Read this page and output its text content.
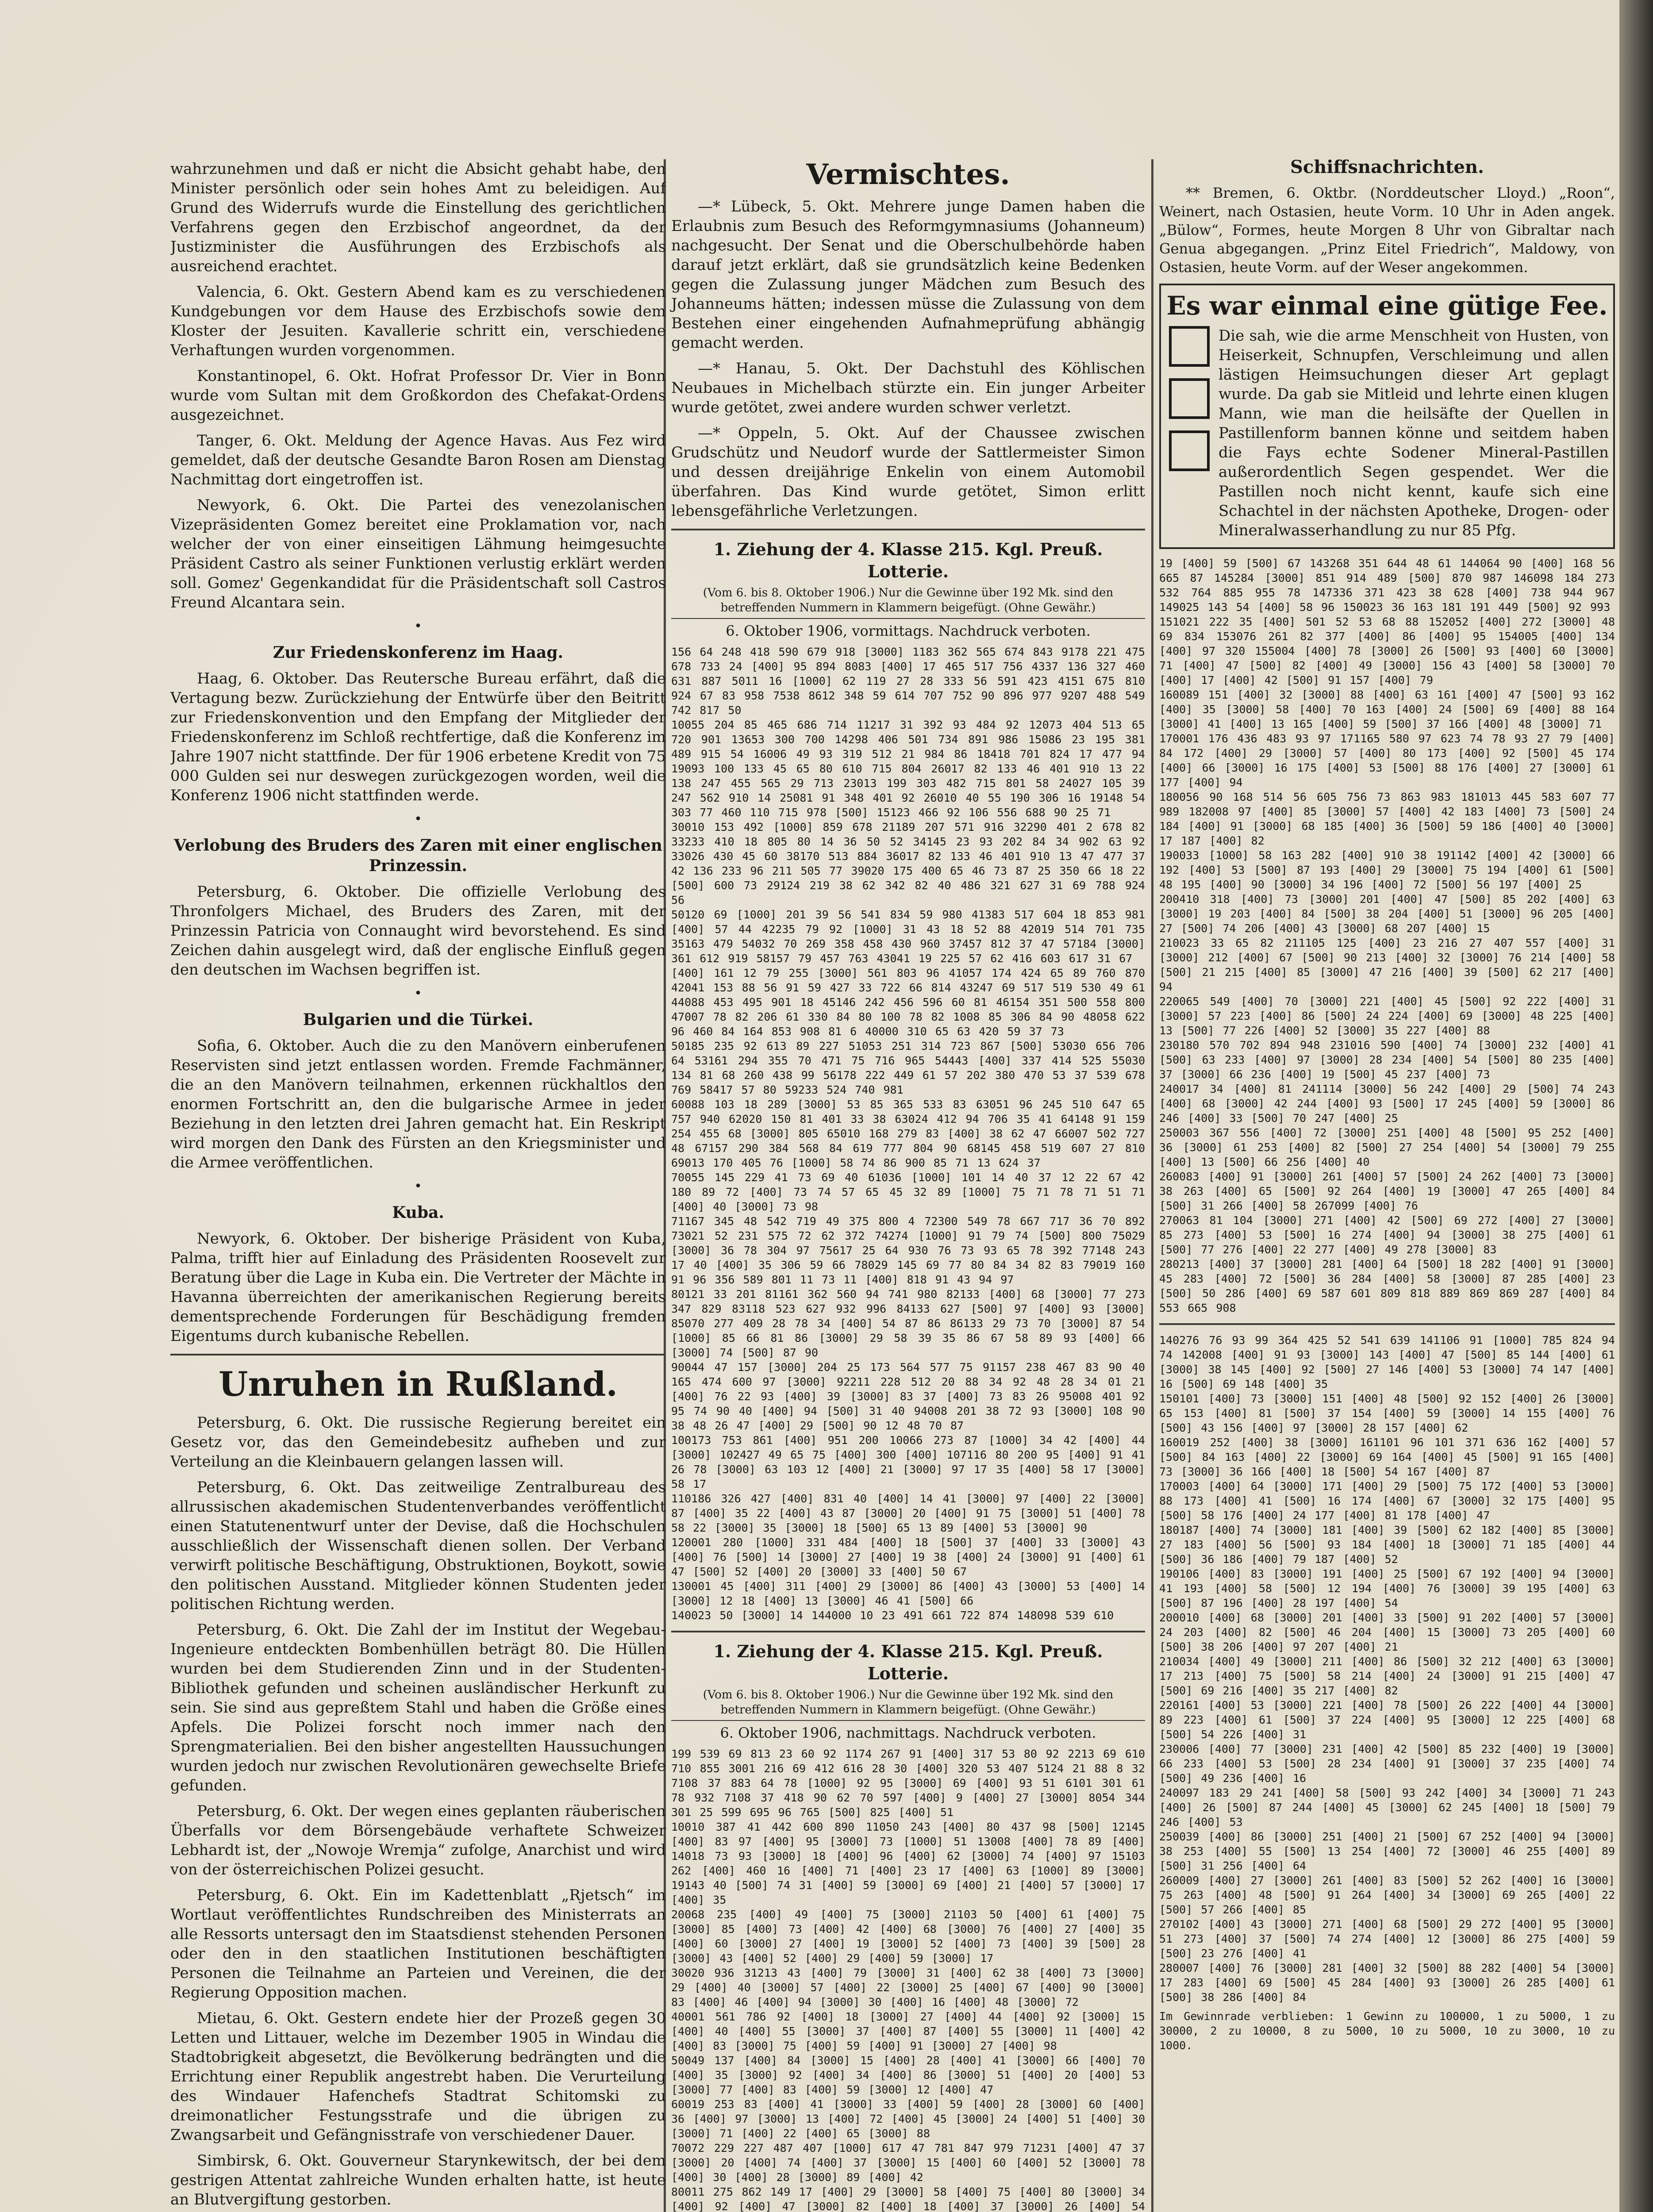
wahrzunehmen und daß er nicht die Absicht gehabt habe, den Minister persönlich oder sein hohes Amt zu beleidigen. Auf Grund des Widerrufs wurde die Einstellung des gerichtlichen Verfahrens gegen den Erzbischof angeordnet, da der Justizminister die Ausführungen des Erzbischofs als ausreichend erachtet.

Valencia, 6. Okt. Gestern Abend kam es zu verschiedenen Kundgebungen vor dem Hause des Erzbischofs sowie dem Kloster der Jesuiten. Kavallerie schritt ein, verschiedene Verhaftungen wurden vorgenommen.

Konstantinopel, 6. Okt. Hofrat Professor Dr. Vier in Bonn wurde vom Sultan mit dem Großkordon des Chefakat-Ordens ausgezeichnet.

Tanger, 6. Okt. Meldung der Agence Havas. Aus Fez wird gemeldet, daß der deutsche Gesandte Baron Rosen am Dienstag Nachmittag dort eingetroffen ist.

Newyork, 6. Okt. Die Partei des venezolanischen Vizepräsidenten Gomez bereitet eine Proklamation vor, nach welcher der von einer einseitigen Lähmung heimgesuchte Präsident Castro als seiner Funktionen verlustig erklärt werden soll. Gomez' Gegenkandidat für die Präsidentschaft soll Castros Freund Alcantara sein.

•
Zur Friedenskonferenz im Haag.

Haag, 6. Oktober. Das Reutersche Bureau erfährt, daß die Vertagung bezw. Zurückziehung der Entwürfe über den Beitritt zur Friedenskonvention und den Empfang der Mitglieder der Friedenskonferenz im Schloß rechtfertige, daß die Konferenz im Jahre 1907 nicht stattfinde. Der für 1906 erbetene Kredit von 75 000 Gulden sei nur deswegen zurückgezogen worden, weil die Konferenz 1906 nicht stattfinden werde.

•
Verlobung des Bruders des Zaren mit einer englischen Prinzessin.

Petersburg, 6. Oktober. Die offizielle Verlobung des Thronfolgers Michael, des Bruders des Zaren, mit der Prinzessin Patricia von Connaught wird bevorstehend. Es sind Zeichen dahin ausgelegt wird, daß der englische Einfluß gegen den deutschen im Wachsen begriffen ist.

•
Bulgarien und die Türkei.

Sofia, 6. Oktober. Auch die zu den Manövern einberufenen Reservisten sind jetzt entlassen worden. Fremde Fachmänner, die an den Manövern teilnahmen, erkennen rückhaltlos den enormen Fortschritt an, den die bulgarische Armee in jeder Beziehung in den letzten drei Jahren gemacht hat. Ein Reskript wird morgen den Dank des Fürsten an den Kriegsminister und die Armee veröffentlichen.

•
Kuba.

Newyork, 6. Oktober. Der bisherige Präsident von Kuba, Palma, trifft hier auf Einladung des Präsidenten Roosevelt zur Beratung über die Lage in Kuba ein. Die Vertreter der Mächte in Havanna überreichten der amerikanischen Regierung bereits dementsprechende Forderungen für Beschädigung fremden Eigentums durch kubanische Rebellen.

Unruhen in Rußland.

Petersburg, 6. Okt. Die russische Regierung bereitet ein Gesetz vor, das den Gemeindebesitz aufheben und zur Verteilung an die Kleinbauern gelangen lassen will.

Petersburg, 6. Okt. Das zeitweilige Zentralbureau des allrussischen akademischen Studentenverbandes veröffentlicht einen Statutenentwurf unter der Devise, daß die Hochschulen ausschließlich der Wissenschaft dienen sollen. Der Verband verwirft politische Beschäftigung, Obstruktionen, Boykott, sowie den politischen Ausstand. Mitglieder können Studenten jeder politischen Richtung werden.

Petersburg, 6. Okt. Die Zahl der im Institut der Wegebau-Ingenieure entdeckten Bombenhüllen beträgt 80. Die Hüllen wurden bei dem Studierenden Zinn und in der Studenten-Bibliothek gefunden und scheinen ausländischer Herkunft zu sein. Sie sind aus gepreßtem Stahl und haben die Größe eines Apfels. Die Polizei forscht noch immer nach den Sprengmaterialien. Bei den bisher angestellten Haussuchungen wurden jedoch nur zwischen Revolutionären gewechselte Briefe gefunden.

Petersburg, 6. Okt. Der wegen eines geplanten räuberischen Überfalls vor dem Börsengebäude verhaftete Schweizer Lebhardt ist, der „Nowoje Wremja“ zufolge, Anarchist und wird von der österreichischen Polizei gesucht.

Petersburg, 6. Okt. Ein im Kadettenblatt „Rjetsch“ im Wortlaut veröffentlichtes Rundschreiben des Ministerrats an alle Ressorts untersagt den im Staatsdienst stehenden Personen oder den in den staatlichen Institutionen beschäftigten Personen die Teilnahme an Parteien und Vereinen, die der Regierung Opposition machen.

Mietau, 6. Okt. Gestern endete hier der Prozeß gegen 30 Letten und Littauer, welche im Dezember 1905 in Windau die Stadtobrigkeit abgesetzt, die Bevölkerung bedrängten und die Errichtung einer Republik angestrebt haben. Die Verurteilung des Windauer Hafenchefs Stadtrat Schitomski zu dreimonatlicher Festungsstrafe und die übrigen zu Zwangsarbeit und Gefängnisstrafe von verschiedener Dauer.

Simbirsk, 6. Okt. Gouverneur Starynkewitsch, der bei dem gestrigen Attentat zahlreiche Wunden erhalten hatte, ist heute an Blutvergiftung gestorben.

Vermischtes.

—* Lübeck, 5. Okt. Mehrere junge Damen haben die Erlaubnis zum Besuch des Reformgymnasiums (Johanneum) nachgesucht. Der Senat und die Oberschulbehörde haben darauf jetzt erklärt, daß sie grundsätzlich keine Bedenken gegen die Zulassung junger Mädchen zum Besuch des Johanneums hätten; indessen müsse die Zulassung von dem Bestehen einer eingehenden Aufnahmeprüfung abhängig gemacht werden.

—* Hanau, 5. Okt. Der Dachstuhl des Köhlischen Neubaues in Michelbach stürzte ein. Ein junger Arbeiter wurde getötet, zwei andere wurden schwer verletzt.

—* Oppeln, 5. Okt. Auf der Chaussee zwischen Grudschütz und Neudorf wurde der Sattlermeister Simon und dessen dreijährige Enkelin von einem Automobil überfahren. Das Kind wurde getötet, Simon erlitt lebensgefährliche Verletzungen.

1. Ziehung der 4. Klasse 215. Kgl. Preuß. Lotterie.
(Vom 6. bis 8. Oktober 1906.) Nur die Gewinne über 192 Mk. sind den betreffenden Nummern in Klammern beigefügt. (Ohne Gewähr.)
6. Oktober 1906, vormittags. Nachdruck verboten.
156 64 248 418 590 679 918 [3000] 1183 362 565 674 843 9178 221 475 678 733 24 [400] 95 894 8083 [400] 17 465 517 756 4337 136 327 460 631 887 5011 16 [1000] 62 119 27 28 333 56 591 423 4151 675 810 924 67 83 958 7538 8612 348 59 614 707 752 90 896 977 9207 488 549 742 817 50
10055 204 85 465 686 714 11217 31 392 93 484 92 12073 404 513 65 720 901 13653 300 700 14298 406 501 734 891 986 15086 23 195 381 489 915 54 16006 49 93 319 512 21 984 86 18418 701 824 17 477 94 19093 100 133 45 65 80 610 715 804 26017 82 133 46 401 910 13 22 138 247 455 565 29 713 23013 199 303 482 715 801 58 24027 105 39 247 562 910 14 25081 91 348 401 92 26010 40 55 190 306 16 19148 54 303 77 460 110 715 978 [500] 15123 466 92 106 556 688 90 25 71
30010 153 492 [1000] 859 678 21189 207 571 916 32290 401 2 678 82 33233 410 18 805 80 14 36 50 52 34145 23 93 202 84 34 902 63 92 33026 430 45 60 38170 513 884 36017 82 133 46 401 910 13 47 477 37 42 136 233 96 211 505 77 39020 175 400 65 46 73 87 25 350 66 18 22 [500] 600 73 29124 219 38 62 342 82 40 486 321 627 31 69 788 924 56
50120 69 [1000] 201 39 56 541 834 59 980 41383 517 604 18 853 981 [400] 57 44 42235 79 92 [1000] 31 43 18 52 88 42019 514 701 735 35163 479 54032 70 269 358 458 430 960 37457 812 37 47 57184 [3000] 361 612 919 58157 79 457 763 43041 19 225 57 62 416 603 617 31 67
[400] 161 12 79 255 [3000] 561 803 96 41057 174 424 65 89 760 870 42041 153 88 56 91 59 427 33 722 66 814 43247 69 517 519 530 49 61 44088 453 495 901 18 45146 242 456 596 60 81 46154 351 500 558 800 47007 78 82 206 61 330 84 80 100 78 82 1008 85 306 84 90 48058 622 96 460 84 164 853 908 81 6 40000 310 65 63 420 59 37 73
50185 235 92 613 89 227 51053 251 314 723 867 [500] 53030 656 706 64 53161 294 355 70 471 75 716 965 54443 [400] 337 414 525 55030 134 81 68 260 438 99 56178 222 449 61 57 202 380 470 53 37 539 678 769 58417 57 80 59233 524 740 981
60088 103 18 289 [3000] 53 85 365 533 83 63051 96 245 510 647 65 757 940 62020 150 81 401 33 38 63024 412 94 706 35 41 64148 91 159 254 455 68 [3000] 805 65010 168 279 83 [400] 38 62 47 66007 502 727 48 67157 290 384 568 84 619 777 804 90 68145 458 519 607 27 810 69013 170 405 76 [1000] 58 74 86 900 85 71 13 624 37
70055 145 229 41 73 69 40 61036 [1000] 101 14 40 37 12 22 67 42 180 89 72 [400] 73 74 57 65 45 32 89 [1000] 75 71 78 71 51 71 [400] 40 [3000] 73 98
71167 345 48 542 719 49 375 800 4 72300 549 78 667 717 36 70 892 73021 52 231 575 72 62 372 74274 [1000] 91 79 74 [500] 800 75029 [3000] 36 78 304 97 75617 25 64 930 76 73 93 65 78 392 77148 243 17 40 [400] 35 306 59 66 78029 145 69 77 80 84 34 82 83 79019 160 91 96 356 589 801 11 73 11 [400] 818 91 43 94 97
80121 33 201 81161 362 560 94 741 980 82133 [400] 68 [3000] 77 273 347 829 83118 523 627 932 996 84133 627 [500] 97 [400] 93 [3000] 85070 277 409 28 78 34 [400] 54 87 86 86133 29 73 70 [3000] 87 54 [1000] 85 66 81 86 [3000] 29 58 39 35 86 67 58 89 93 [400] 66 [3000] 74 [500] 87 90
90044 47 157 [3000] 204 25 173 564 577 75 91157 238 467 83 90 40 165 474 600 97 [3000] 92211 228 512 20 88 34 92 48 28 34 01 21 [400] 76 22 93 [400] 39 [3000] 83 37 [400] 73 83 26 95008 401 92 95 74 90 40 [400] 94 [500] 31 40 94008 201 38 72 93 [3000] 108 90 38 48 26 47 [400] 29 [500] 90 12 48 70 87
100173 753 861 [400] 951 200 10066 273 87 [1000] 34 42 [400] 44 [3000] 102427 49 65 75 [400] 300 [400] 107116 80 200 95 [400] 91 41 26 78 [3000] 63 103 12 [400] 21 [3000] 97 17 35 [400] 58 17 [3000] 58 17
110186 326 427 [400] 831 40 [400] 14 41 [3000] 97 [400] 22 [3000] 87 [400] 35 22 [400] 43 87 [3000] 20 [400] 91 75 [3000] 51 [400] 78 58 22 [3000] 35 [3000] 18 [500] 65 13 89 [400] 53 [3000] 90
120001 280 [1000] 331 484 [400] 18 [500] 37 [400] 33 [3000] 43 [400] 76 [500] 14 [3000] 27 [400] 19 38 [400] 24 [3000] 91 [400] 61 47 [500] 52 [400] 20 [3000] 33 [400] 50 67
130001 45 [400] 311 [400] 29 [3000] 86 [400] 43 [3000] 53 [400] 14 [3000] 12 18 [400] 13 [3000] 46 41 [500] 66
140023 50 [3000] 14 144000 10 23 491 661 722 874 148098 539 610
1. Ziehung der 4. Klasse 215. Kgl. Preuß. Lotterie.
(Vom 6. bis 8. Oktober 1906.) Nur die Gewinne über 192 Mk. sind den betreffenden Nummern in Klammern beigefügt. (Ohne Gewähr.)
6. Oktober 1906, nachmittags. Nachdruck verboten.
199 539 69 813 23 60 92 1174 267 91 [400] 317 53 80 92 2213 69 610 710 855 3001 216 69 412 616 28 30 [400] 320 53 407 5124 21 88 8 32 7108 37 883 64 78 [1000] 92 95 [3000] 69 [400] 93 51 6101 301 61 78 932 7108 37 418 90 62 70 597 [400] 9 [400] 27 [3000] 8054 344 301 25 599 695 96 765 [500] 825 [400] 51
10010 387 41 442 600 890 11050 243 [400] 80 437 98 [500] 12145 [400] 83 97 [400] 95 [3000] 73 [1000] 51 13008 [400] 78 89 [400] 14018 73 93 [3000] 18 [400] 96 [400] 62 [3000] 74 [400] 97 15103 262 [400] 460 16 [400] 71 [400] 23 17 [400] 63 [1000] 89 [3000] 19143 40 [500] 74 31 [400] 59 [3000] 69 [400] 21 [400] 57 [3000] 17 [400] 35
20068 235 [400] 49 [400] 75 [3000] 21103 50 [400] 61 [400] 75 [3000] 85 [400] 73 [400] 42 [400] 68 [3000] 76 [400] 27 [400] 35 [400] 60 [3000] 27 [400] 19 [3000] 52 [400] 73 [400] 39 [500] 28 [3000] 43 [400] 52 [400] 29 [400] 59 [3000] 17
30020 936 31213 43 [400] 79 [3000] 31 [400] 62 38 [400] 73 [3000] 29 [400] 40 [3000] 57 [400] 22 [3000] 25 [400] 67 [400] 90 [3000] 83 [400] 46 [400] 94 [3000] 30 [400] 16 [400] 48 [3000] 72
40001 561 786 92 [400] 18 [3000] 27 [400] 44 [400] 92 [3000] 15 [400] 40 [400] 55 [3000] 37 [400] 87 [400] 55 [3000] 11 [400] 42 [400] 83 [3000] 75 [400] 59 [400] 91 [3000] 27 [400] 98
50049 137 [400] 84 [3000] 15 [400] 28 [400] 41 [3000] 66 [400] 70 [400] 35 [3000] 92 [400] 34 [400] 86 [3000] 51 [400] 20 [400] 53 [3000] 77 [400] 83 [400] 59 [3000] 12 [400] 47
60019 253 83 [400] 41 [3000] 33 [400] 59 [400] 28 [3000] 60 [400] 36 [400] 97 [3000] 13 [400] 72 [400] 45 [3000] 24 [400] 51 [400] 30 [3000] 71 [400] 22 [400] 65 [3000] 88
70072 229 227 487 407 [1000] 617 47 781 847 979 71231 [400] 47 37 [3000] 20 [400] 74 [400] 37 [3000] 15 [400] 60 [400] 52 [3000] 78 [400] 30 [400] 28 [3000] 89 [400] 42
80011 275 862 149 17 [400] 29 [3000] 58 [400] 75 [400] 80 [3000] 34 [400] 92 [400] 47 [3000] 82 [400] 18 [400] 37 [3000] 26 [400] 54
Schiffsnachrichten.

** Bremen, 6. Oktbr. (Norddeutscher Lloyd.) „Roon“, Weinert, nach Ostasien, heute Vorm. 10 Uhr in Aden angek. „Bülow“, Formes, heute Morgen 8 Uhr von Gibraltar nach Genua abgegangen. „Prinz Eitel Friedrich“, Maldowy, von Ostasien, heute Vorm. auf der Weser angekommen.

Es war einmal eine gütige Fee.
Die sah, wie die arme Menschheit von Husten, von Heiserkeit, Schnupfen, Verschleimung und allen lästigen Heimsuchungen dieser Art geplagt wurde. Da gab sie Mitleid und lehrte einen klugen Mann, wie man die heilsäfte der Quellen in Pastillenform bannen könne und seitdem haben die Fays echte Sodener Mineral-Pastillen außerordentlich Segen gespendet. Wer die Pastillen noch nicht kennt, kaufe sich eine Schachtel in der nächsten Apotheke, Drogen- oder Mineralwasserhandlung zu nur 85 Pfg.
19 [400] 59 [500] 67 143268 351 644 48 61 144064 90 [400] 168 56 665 87 145284 [3000] 851 914 489 [500] 870 987 146098 184 273 532 764 885 955 78 147336 371 423 38 628 [400] 738 944 967 149025 143 54 [400] 58 96 150023 36 163 181 191 449 [500] 92 993
151021 222 35 [400] 501 52 53 68 88 152052 [400] 272 [3000] 48 69 834 153076 261 82 377 [400] 86 [400] 95 154005 [400] 134 [400] 97 320 155004 [400] 78 [3000] 26 [500] 93 [400] 60 [3000] 71 [400] 47 [500] 82 [400] 49 [3000] 156 43 [400] 58 [3000] 70 [400] 17 [400] 42 [500] 91 157 [400] 79
160089 151 [400] 32 [3000] 88 [400] 63 161 [400] 47 [500] 93 162 [400] 35 [3000] 58 [400] 70 163 [400] 24 [500] 69 [400] 88 164 [3000] 41 [400] 13 165 [400] 59 [500] 37 166 [400] 48 [3000] 71
170001 176 436 483 93 97 171165 580 97 623 74 78 93 27 79 [400] 84 172 [400] 29 [3000] 57 [400] 80 173 [400] 92 [500] 45 174 [400] 66 [3000] 16 175 [400] 53 [500] 88 176 [400] 27 [3000] 61 177 [400] 94
180056 90 168 514 56 605 756 73 863 983 181013 445 583 607 77 989 182008 97 [400] 85 [3000] 57 [400] 42 183 [400] 73 [500] 24 184 [400] 91 [3000] 68 185 [400] 36 [500] 59 186 [400] 40 [3000] 17 187 [400] 82
190033 [1000] 58 163 282 [400] 910 38 191142 [400] 42 [3000] 66 192 [400] 53 [500] 87 193 [400] 29 [3000] 75 194 [400] 61 [500] 48 195 [400] 90 [3000] 34 196 [400] 72 [500] 56 197 [400] 25
200410 318 [400] 73 [3000] 201 [400] 47 [500] 85 202 [400] 63 [3000] 19 203 [400] 84 [500] 38 204 [400] 51 [3000] 96 205 [400] 27 [500] 74 206 [400] 43 [3000] 68 207 [400] 15
210023 33 65 82 211105 125 [400] 23 216 27 407 557 [400] 31 [3000] 212 [400] 67 [500] 90 213 [400] 32 [3000] 76 214 [400] 58 [500] 21 215 [400] 85 [3000] 47 216 [400] 39 [500] 62 217 [400] 94
220065 549 [400] 70 [3000] 221 [400] 45 [500] 92 222 [400] 31 [3000] 57 223 [400] 86 [500] 24 224 [400] 69 [3000] 48 225 [400] 13 [500] 77 226 [400] 52 [3000] 35 227 [400] 88
230180 570 702 894 948 231016 590 [400] 74 [3000] 232 [400] 41 [500] 63 233 [400] 97 [3000] 28 234 [400] 54 [500] 80 235 [400] 37 [3000] 66 236 [400] 19 [500] 45 237 [400] 73
240017 34 [400] 81 241114 [3000] 56 242 [400] 29 [500] 74 243 [400] 68 [3000] 42 244 [400] 93 [500] 17 245 [400] 59 [3000] 86 246 [400] 33 [500] 70 247 [400] 25
250003 367 556 [400] 72 [3000] 251 [400] 48 [500] 95 252 [400] 36 [3000] 61 253 [400] 82 [500] 27 254 [400] 54 [3000] 79 255 [400] 13 [500] 66 256 [400] 40
260083 [400] 91 [3000] 261 [400] 57 [500] 24 262 [400] 73 [3000] 38 263 [400] 65 [500] 92 264 [400] 19 [3000] 47 265 [400] 84 [500] 31 266 [400] 58 267099 [400] 76
270063 81 104 [3000] 271 [400] 42 [500] 69 272 [400] 27 [3000] 85 273 [400] 53 [500] 16 274 [400] 94 [3000] 38 275 [400] 61 [500] 77 276 [400] 22 277 [400] 49 278 [3000] 83
280213 [400] 37 [3000] 281 [400] 64 [500] 18 282 [400] 91 [3000] 45 283 [400] 72 [500] 36 284 [400] 58 [3000] 87 285 [400] 23 [500] 50 286 [400] 69 587 601 809 818 889 869 869 287 [400] 84 553 665 908
140276 76 93 99 364 425 52 541 639 141106 91 [1000] 785 824 94 74 142008 [400] 91 93 [3000] 143 [400] 47 [500] 85 144 [400] 61 [3000] 38 145 [400] 92 [500] 27 146 [400] 53 [3000] 74 147 [400] 16 [500] 69 148 [400] 35
150101 [400] 73 [3000] 151 [400] 48 [500] 92 152 [400] 26 [3000] 65 153 [400] 81 [500] 37 154 [400] 59 [3000] 14 155 [400] 76 [500] 43 156 [400] 97 [3000] 28 157 [400] 62
160019 252 [400] 38 [3000] 161101 96 101 371 636 162 [400] 57 [500] 84 163 [400] 22 [3000] 69 164 [400] 45 [500] 91 165 [400] 73 [3000] 36 166 [400] 18 [500] 54 167 [400] 87
170003 [400] 64 [3000] 171 [400] 29 [500] 75 172 [400] 53 [3000] 88 173 [400] 41 [500] 16 174 [400] 67 [3000] 32 175 [400] 95 [500] 58 176 [400] 24 177 [400] 81 178 [400] 47
180187 [400] 74 [3000] 181 [400] 39 [500] 62 182 [400] 85 [3000] 27 183 [400] 56 [500] 93 184 [400] 18 [3000] 71 185 [400] 44 [500] 36 186 [400] 79 187 [400] 52
190106 [400] 83 [3000] 191 [400] 25 [500] 67 192 [400] 94 [3000] 41 193 [400] 58 [500] 12 194 [400] 76 [3000] 39 195 [400] 63 [500] 87 196 [400] 28 197 [400] 54
200010 [400] 68 [3000] 201 [400] 33 [500] 91 202 [400] 57 [3000] 24 203 [400] 82 [500] 46 204 [400] 15 [3000] 73 205 [400] 60 [500] 38 206 [400] 97 207 [400] 21
210034 [400] 49 [3000] 211 [400] 86 [500] 32 212 [400] 63 [3000] 17 213 [400] 75 [500] 58 214 [400] 24 [3000] 91 215 [400] 47 [500] 69 216 [400] 35 217 [400] 82
220161 [400] 53 [3000] 221 [400] 78 [500] 26 222 [400] 44 [3000] 89 223 [400] 61 [500] 37 224 [400] 95 [3000] 12 225 [400] 68 [500] 54 226 [400] 31
230006 [400] 77 [3000] 231 [400] 42 [500] 85 232 [400] 19 [3000] 66 233 [400] 53 [500] 28 234 [400] 91 [3000] 37 235 [400] 74 [500] 49 236 [400] 16
240097 183 29 241 [400] 58 [500] 93 242 [400] 34 [3000] 71 243 [400] 26 [500] 87 244 [400] 45 [3000] 62 245 [400] 18 [500] 79 246 [400] 53
250039 [400] 86 [3000] 251 [400] 21 [500] 67 252 [400] 94 [3000] 38 253 [400] 55 [500] 13 254 [400] 72 [3000] 46 255 [400] 89 [500] 31 256 [400] 64
260009 [400] 27 [3000] 261 [400] 83 [500] 52 262 [400] 16 [3000] 75 263 [400] 48 [500] 91 264 [400] 34 [3000] 69 265 [400] 22 [500] 57 266 [400] 85
270102 [400] 43 [3000] 271 [400] 68 [500] 29 272 [400] 95 [3000] 51 273 [400] 37 [500] 74 274 [400] 12 [3000] 86 275 [400] 59 [500] 23 276 [400] 41
280007 [400] 76 [3000] 281 [400] 32 [500] 88 282 [400] 54 [3000] 17 283 [400] 69 [500] 45 284 [400] 93 [3000] 26 285 [400] 61 [500] 38 286 [400] 84

Im Gewinnrade verblieben: 1 Gewinn zu 100000, 1 zu 5000, 1 zu 30000, 2 zu 10000, 8 zu 5000, 10 zu 5000, 10 zu 3000, 10 zu 1000.
